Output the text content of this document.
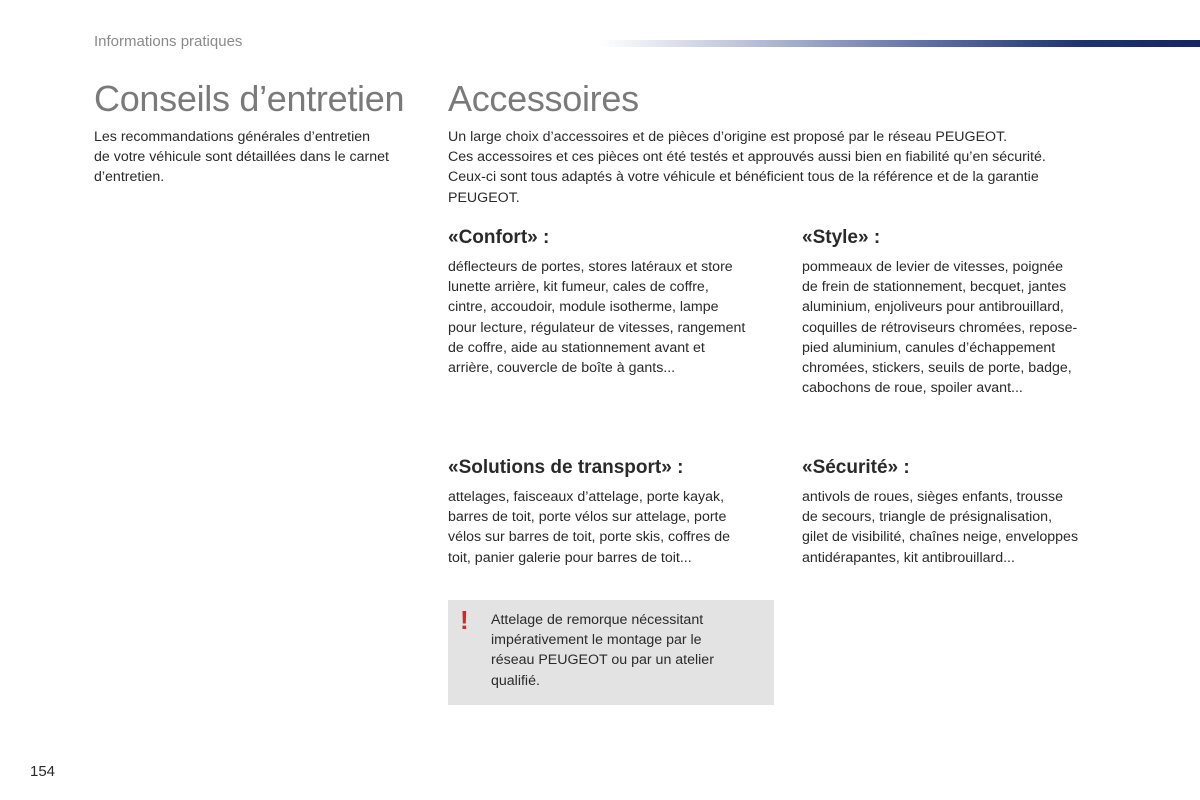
Informations pratiques
Conseils d’entretien
Les recommandations générales d’entretien
de votre véhicule sont détaillées dans le carnet
d’entretien.
Accessoires
Un large choix d’accessoires et de pièces d’origine est proposé par le réseau PEUGEOT.
Ces accessoires et ces pièces ont été testés et approuvés aussi bien en fiabilité qu’en sécurité.
Ceux-ci sont tous adaptés à votre véhicule et bénéficient tous de la référence et de la garantie
PEUGEOT.
«Confort» :
déflecteurs de portes, stores latéraux et store
lunette arrière, kit fumeur, cales de coffre,
cintre, accoudoir, module isotherme, lampe
pour lecture, régulateur de vitesses, rangement
de coffre, aide au stationnement avant et
arrière, couvercle de boîte à gants...
«Style» :
pommeaux de levier de vitesses, poignée
de frein de stationnement, becquet, jantes
aluminium, enjoliveurs pour antibrouillard,
coquilles de rétroviseurs chromées, repose-
pied aluminium, canules d’échappement
chromées, stickers, seuils de porte, badge,
cabochons de roue, spoiler avant...
«Solutions de transport» :
attelages, faisceaux d’attelage, porte kayak,
barres de toit, porte vélos sur attelage, porte
vélos sur barres de toit, porte skis, coffres de
toit, panier galerie pour barres de toit...
«Sécurité» :
antivols de roues, sièges enfants, trousse
de secours, triangle de présignalisation,
gilet de visibilité, chaînes neige, enveloppes
antidérapantes, kit antibrouillard...
! Attelage de remorque nécessitant
impérativement le montage par le
réseau PEUGEOT ou par un atelier
qualifié.
154
